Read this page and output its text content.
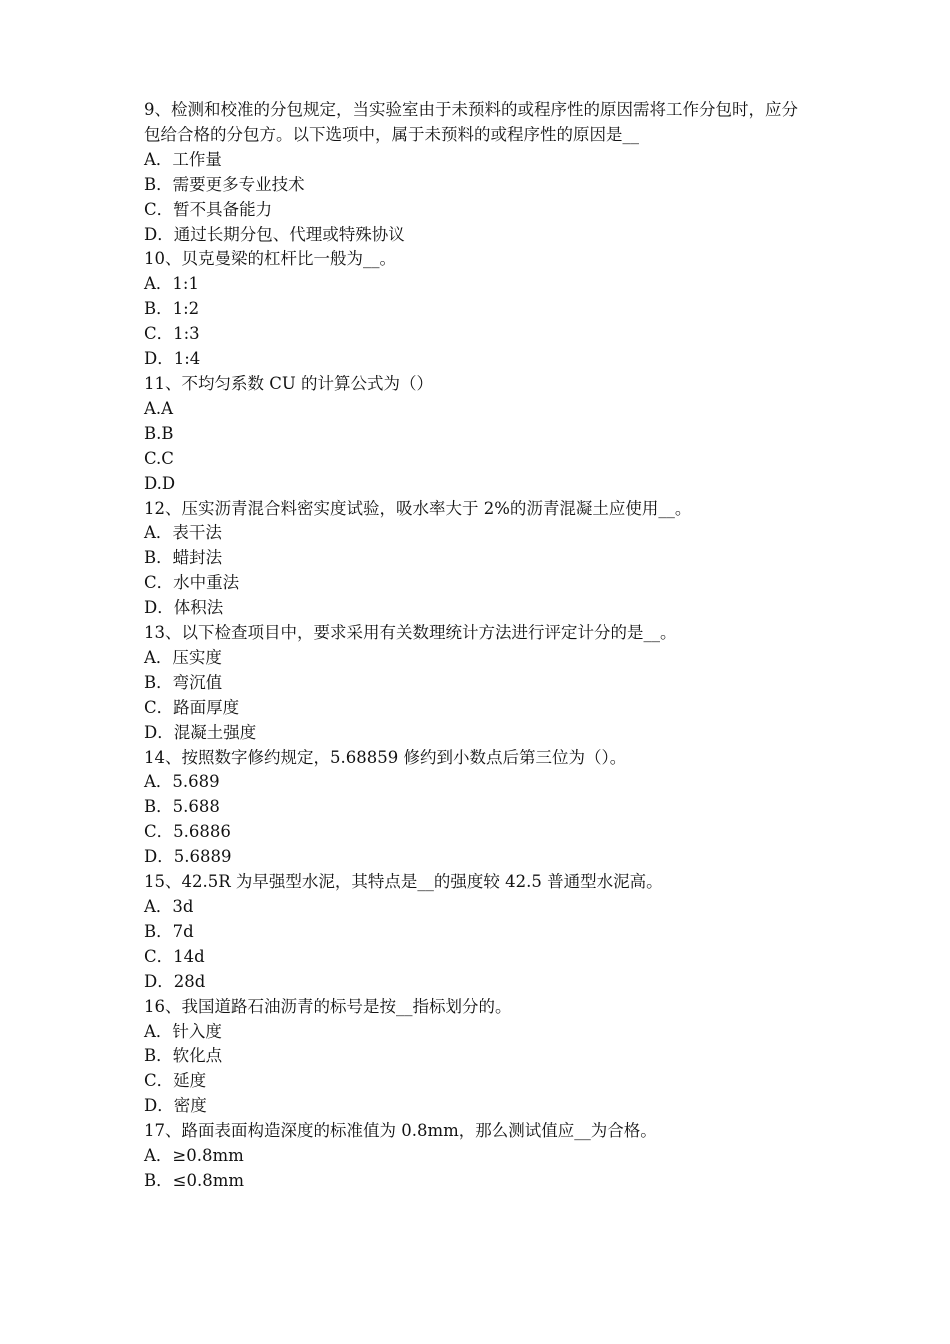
9、检测和校准的分包规定，当实验室由于未预料的或程序性的原因需将工作分包时，应分包给合格的分包方。以下选项中，属于未预料的或程序性的原因是__

A．工作量

B．需要更多专业技术

C．暂不具备能力

D．通过长期分包、代理或特殊协议

10、贝克曼梁的杠杆比一般为__。

A．1:1

B．1:2

C．1:3

D．1:4

11、不均匀系数 CU 的计算公式为（）

A.A

B.B

C.C

D.D

12、压实沥青混合料密实度试验，吸水率大于 2%的沥青混凝土应使用__。

A．表干法

B．蜡封法

C．水中重法

D．体积法

13、以下检查项目中，要求采用有关数理统计方法进行评定计分的是__。

A．压实度

B．弯沉值

C．路面厚度

D．混凝土强度

14、按照数字修约规定，5.68859 修约到小数点后第三位为（）。

A．5.689

B．5.688

C．5.6886

D．5.6889

15、42.5R 为早强型水泥，其特点是__的强度较 42.5 普通型水泥高。

A．3d

B．7d

C．14d

D．28d

16、我国道路石油沥青的标号是按__指标划分的。

A．针入度

B．软化点

C．延度

D．密度

17、路面表面构造深度的标准值为 0.8mm，那么测试值应__为合格。

A．≥0.8mm

B．≤0.8mm
